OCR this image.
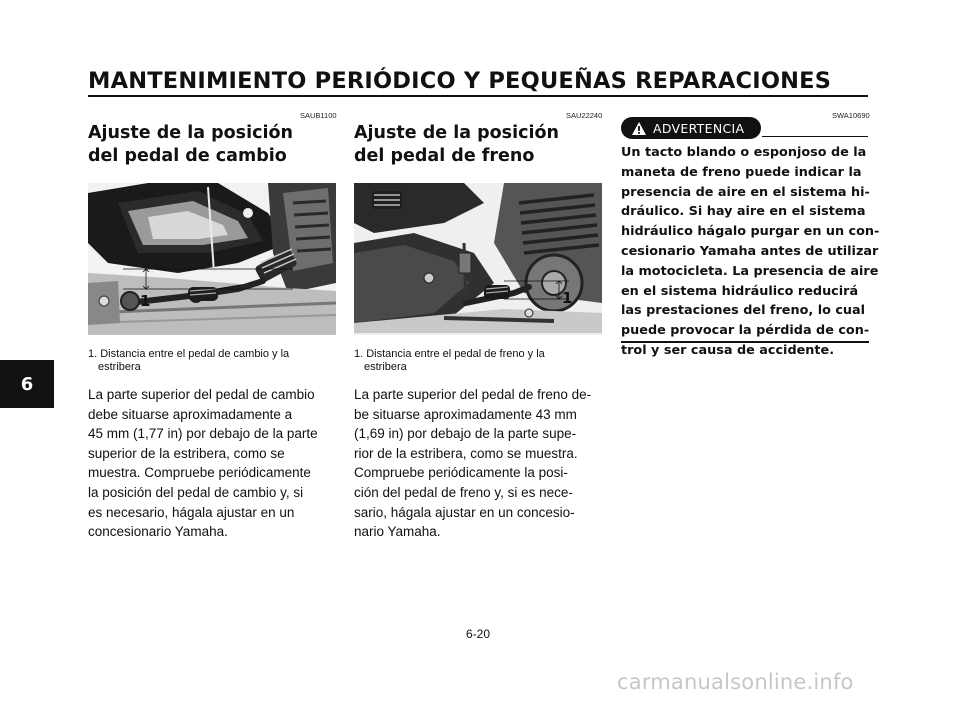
MANTENIMIENTO PERIÓDICO Y PEQUEÑAS REPARACIONES
6
SAUB1100
Ajuste de la posición
del pedal de cambio
1
1. Distancia entre el pedal de cambio y la
estribera
La parte superior del pedal de cambio
debe situarse aproximadamente a
45 mm (1,77 in) por debajo de la parte
superior de la estribera, como se
muestra. Compruebe periódicamente
la posición del pedal de cambio y, si
es necesario, hágala ajustar en un
concesionario Yamaha.
SAU22240
Ajuste de la posición
del pedal de freno
1
1. Distancia entre el pedal de freno y la
estribera
La parte superior del pedal de freno de-
be situarse aproximadamente 43 mm
(1,69 in) por debajo de la parte supe-
rior de la estribera, como se muestra.
Compruebe periódicamente la posi-
ción del pedal de freno y, si es nece-
sario, hágala ajustar en un concesio-
nario Yamaha.
SWA10690
ADVERTENCIA
Un tacto blando o esponjoso de la
maneta de freno puede indicar la
presencia de aire en el sistema hi-
dráulico. Si hay aire en el sistema
hidráulico hágalo purgar en un con-
cesionario Yamaha antes de utilizar
la motocicleta. La presencia de aire
en el sistema hidráulico reducirá
las prestaciones del freno, lo cual
puede provocar la pérdida de con-
trol y ser causa de accidente.
6-20
carmanualsonline.info
